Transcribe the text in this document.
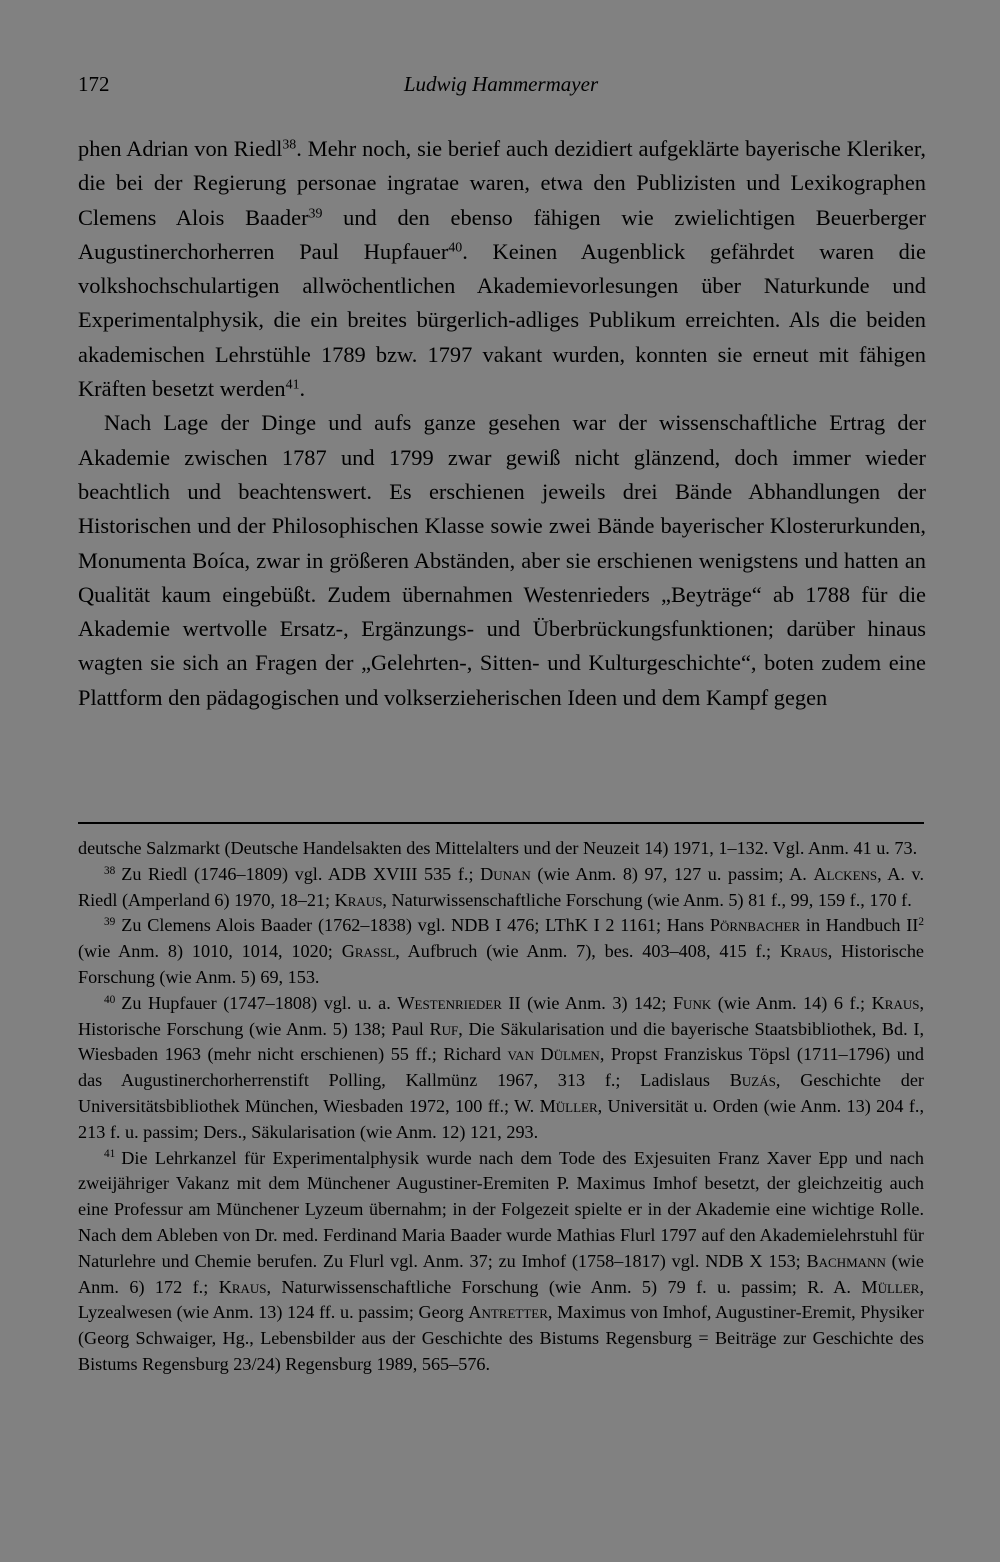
172	Ludwig Hammermayer

phen Adrian von Riedl$^{38}$. Mehr noch, sie berief auch dezidiert aufgeklärte bayerische Kleriker, die bei der Regierung personae ingratae waren, etwa den Publizisten und Lexikographen Clemens Alois Baader$^{39}$ und den ebenso fähigen wie zwielichtigen Beuerberger Augustinerchorherren Paul Hupfauer$^{40}$. Keinen Augenblick gefährdet waren die volkshochschulartigen allwöchentlichen Akademievorlesungen über Naturkunde und Experimentalphysik, die ein breites bürgerlich-adliges Publikum erreichten. Als die beiden akademischen Lehrstühle 1789 bzw. 1797 vakant wurden, konnten sie erneut mit fähigen Kräften besetzt werden$^{41}$.

Nach Lage der Dinge und aufs ganze gesehen war der wissenschaftliche Ertrag der Akademie zwischen 1787 und 1799 zwar gewiß nicht glänzend, doch immer wieder beachtlich und beachtenswert. Es erschienen jeweils drei Bände Abhandlungen der Historischen und der Philosophischen Klasse sowie zwei Bände bayerischer Klosterurkunden, Monumenta Boíca, zwar in größeren Abständen, aber sie erschienen wenigstens und hatten an Qualität kaum eingebüßt. Zudem übernahmen Westenrieders „Beyträge“ ab 1788 für die Akademie wertvolle Ersatz-, Ergänzungs- und Überbrückungsfunktionen; darüber hinaus wagten sie sich an Fragen der „Gelehrten-, Sitten- und Kulturgeschichte“, boten zudem eine Plattform den pädagogischen und volkserzieherischen Ideen und dem Kampf gegen

deutsche Salzmarkt (Deutsche Handelsakten des Mittelalters und der Neuzeit 14) 1971, 1–132. Vgl. Anm. 41 u. 73.

$^{38}$ Zu Riedl (1746–1809) vgl. ADB XVIII 535 f.; Dunan (wie Anm. 8) 97, 127 u. passim; A. Alckens, A. v. Riedl (Amperland 6) 1970, 18–21; Kraus, Naturwissenschaftliche Forschung (wie Anm. 5) 81 f., 99, 159 f., 170 f.

$^{39}$ Zu Clemens Alois Baader (1762–1838) vgl. NDB I 476; LThK I 2 1161; Hans Pörnbacher in Handbuch $II^2$ (wie Anm. 8) 1010, 1014, 1020; Grassl, Aufbruch (wie Anm. 7), bes. 403–408, 415 f.; Kraus, Historische Forschung (wie Anm. 5) 69, 153.

$^{40}$ Zu Hupfauer (1747–1808) vgl. u. a. Westenrieder II (wie Anm. 3) 142; Funk (wie Anm. 14) 6 f.; Kraus, Historische Forschung (wie Anm. 5) 138; Paul Ruf, Die Säkularisation und die bayerische Staatsbibliothek, Bd. I, Wiesbaden 1963 (mehr nicht erschienen) 55 ff.; Richard van Dülmen, Propst Franziskus Töpsl (1711–1796) und das Augustinerchorherrenstift Polling, Kallmünz 1967, 313 f.; Ladislaus Buzás, Geschichte der Universitätsbibliothek München, Wiesbaden 1972, 100 ff.; W. Müller, Universität u. Orden (wie Anm. 13) 204 f., 213 f. u. passim; Ders., Säkularisation (wie Anm. 12) 121, 293.

$^{41}$ Die Lehrkanzel für Experimentalphysik wurde nach dem Tode des Exjesuiten Franz Xaver Epp und nach zweijähriger Vakanz mit dem Münchener Augustiner-Eremiten P. Maximus Imhof besetzt, der gleichzeitig auch eine Professur am Münchener Lyzeum übernahm; in der Folgezeit spielte er in der Akademie eine wichtige Rolle. Nach dem Ableben von Dr. med. Ferdinand Maria Baader wurde Mathias Flurl 1797 auf den Akademielehrstuhl für Naturlehre und Chemie berufen. Zu Flurl vgl. Anm. 37; zu Imhof (1758–1817) vgl. NDB X 153; Bachmann (wie Anm. 6) 172 f.; Kraus, Naturwissenschaftliche Forschung (wie Anm. 5) 79 f. u. passim; R. A. Müller, Lyzealwesen (wie Anm. 13) 124 ff. u. passim; Georg Antretter, Maximus von Imhof, Augustiner-Eremit, Physiker (Georg Schwaiger, Hg., Lebensbilder aus der Geschichte des Bistums Regensburg = Beiträge zur Geschichte des Bistums Regensburg 23/24) Regensburg 1989, 565–576.
